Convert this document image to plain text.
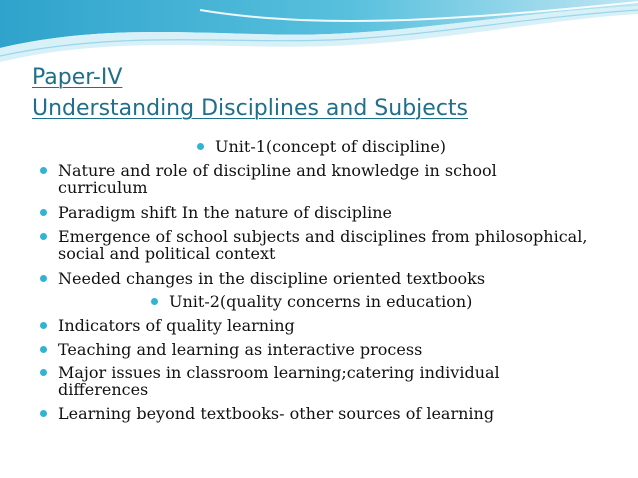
Paper-IV
Understanding Disciplines and Subjects
Unit-1(concept of discipline)
Nature and role of discipline and knowledge in school
curriculum
Paradigm shift In the nature of discipline
Emergence of school subjects and disciplines from philosophical,
social and political context
Needed changes in the discipline oriented textbooks
Unit-2(quality concerns in education)
Indicators of quality learning
Teaching and learning as interactive process
Major issues in classroom learning;catering individual
differences
Learning beyond textbooks- other sources of learning
